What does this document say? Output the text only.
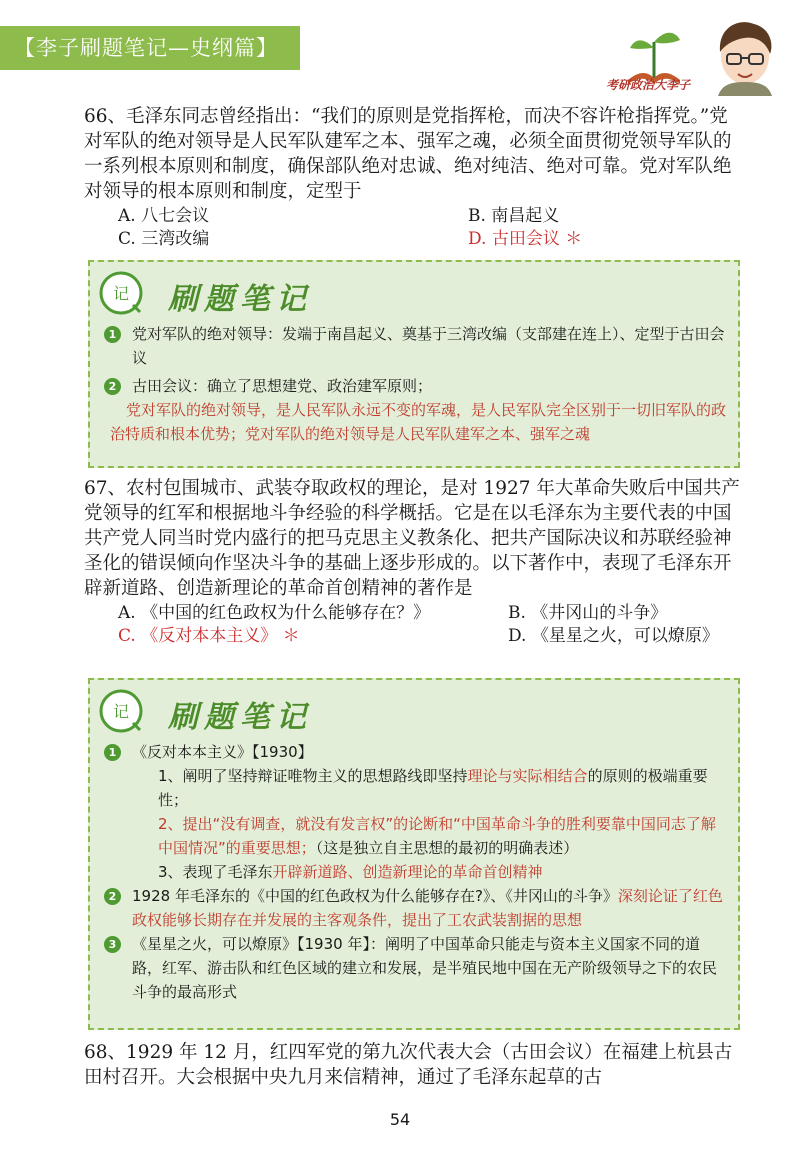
【李子刷题笔记—史纲篇】
考研政治大李子

66、毛泽东同志曾经指出：“我们的原则是党指挥枪，而决不容许枪指挥党。”党对军队的绝对领导是人民军队建军之本、强军之魂，必须全面贯彻党领导军队的一系列根本原则和制度，确保部队绝对忠诚、绝对纯洁、绝对可靠。党对军队绝对领导的根本原则和制度，定型于

A. 八七会议	B. 南昌起义
C. 三湾改编	D. 古田会议 ＊
记 刷题笔记
1	党对军队的绝对领导：发端于南昌起义、奠基于三湾改编（支部建在连上）、定型于古田会议
2	古田会议：确立了思想建党、政治建军原则；
党对军队的绝对领导，是人民军队永远不变的军魂，是人民军队完全区别于一切旧军队的政治特质和根本优势；党对军队的绝对领导是人民军队建军之本、强军之魂

67、农村包围城市、武装夺取政权的理论，是对 1927 年大革命失败后中国共产党领导的红军和根据地斗争经验的科学概括。它是在以毛泽东为主要代表的中国共产党人同当时党内盛行的把马克思主义教条化、把共产国际决议和苏联经验神圣化的错误倾向作坚决斗争的基础上逐步形成的。以下著作中，表现了毛泽东开辟新道路、创造新理论的革命首创精神的著作是

A. 《中国的红色政权为什么能够存在？》	B. 《井冈山的斗争》
C. 《反对本本主义》 ＊	D. 《星星之火，可以燎原》
记 刷题笔记
1	《反对本本主义》【1930】
1、阐明了坚持辩证唯物主义的思想路线即坚持理论与实际相结合的原则的极端重要性；
2、提出“没有调查，就没有发言权”的论断和“中国革命斗争的胜利要靠中国同志了解中国情况”的重要思想；（这是独立自主思想的最初的明确表述）
3、表现了毛泽东开辟新道路、创造新理论的革命首创精神
2	1928 年毛泽东的《中国的红色政权为什么能够存在?》、《井冈山的斗争》深刻论证了红色政权能够长期存在并发展的主客观条件，提出了工农武装割据的思想
3	《星星之火，可以燎原》【1930 年】：阐明了中国革命只能走与资本主义国家不同的道路，红军、游击队和红色区域的建立和发展，是半殖民地中国在无产阶级领导之下的农民斗争的最高形式

68、1929 年 12 月，红四军党的第九次代表大会（古田会议）在福建上杭县古田村召开。大会根据中央九月来信精神，通过了毛泽东起草的古

54
